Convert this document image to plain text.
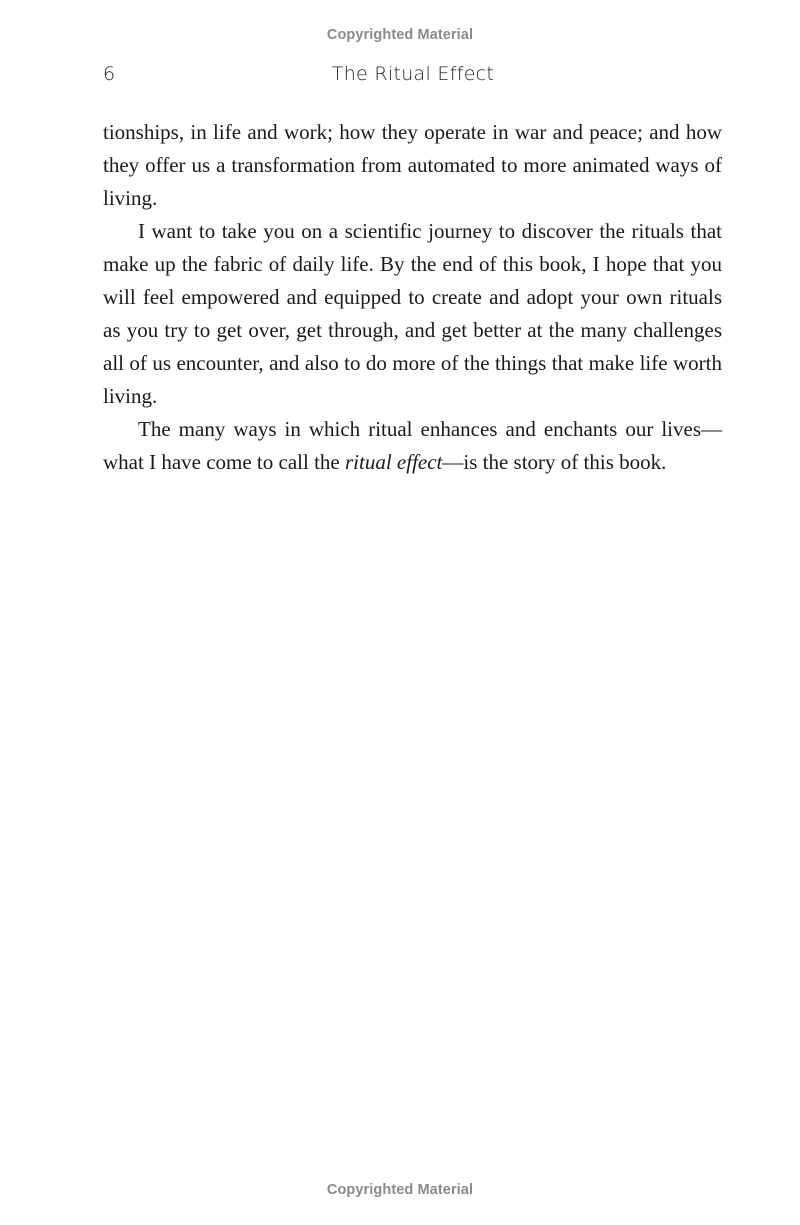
Copyrighted Material
6	The Ritual Effect

tionships, in life and work; how they operate in war and peace; and how they offer us a transformation from automated to more animated ways of living.

I want to take you on a scientific journey to discover the rituals that make up the fabric of daily life. By the end of this book, I hope that you will feel empowered and equipped to create and adopt your own rituals as you try to get over, get through, and get better at the many challenges all of us encounter, and also to do more of the things that make life worth living.

The many ways in which ritual enhances and enchants our lives—what I have come to call the ritual effect—is the story of this book.

Copyrighted Material
